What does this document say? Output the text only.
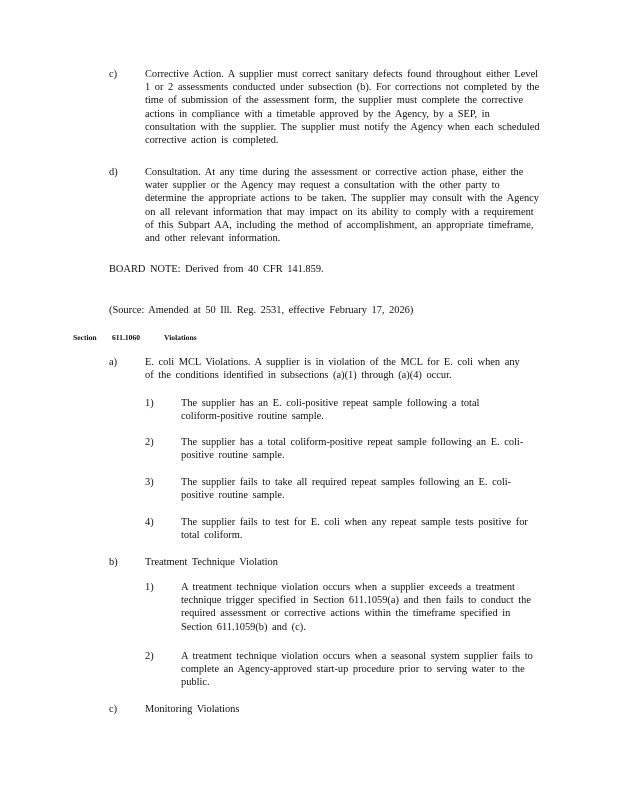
c)	Corrective Action. A supplier must correct sanitary defects found throughout either Level 1 or 2 assessments conducted under subsection (b). For corrections not completed by the time of submission of the assessment form, the supplier must complete the corrective actions in compliance with a timetable approved by the Agency, by a SEP, in consultation with the supplier. The supplier must notify the Agency when each scheduled corrective action is completed.
d)	Consultation. At any time during the assessment or corrective action phase, either the water supplier or the Agency may request a consultation with the other party to determine the appropriate actions to be taken. The supplier may consult with the Agency on all relevant information that may impact on its ability to comply with a requirement of this Subpart AA, including the method of accomplishment, an appropriate timeframe, and other relevant information.
BOARD NOTE: Derived from 40 CFR 141.859.
(Source: Amended at 50 Ill. Reg. 2531, effective February 17, 2026)
Section 611.1060	Violations
a)	E. coli MCL Violations. A supplier is in violation of the MCL for E. coli when any of the conditions identified in subsections (a)(1) through (a)(4) occur.
1)	The supplier has an E. coli-positive repeat sample following a total coliform-positive routine sample.
2)	The supplier has a total coliform-positive repeat sample following an E. coli-positive routine sample.
3)	The supplier fails to take all required repeat samples following an E. coli-positive routine sample.
4)	The supplier fails to test for E. coli when any repeat sample tests positive for total coliform.
b)	Treatment Technique Violation
1)	A treatment technique violation occurs when a supplier exceeds a treatment technique trigger specified in Section 611.1059(a) and then fails to conduct the required assessment or corrective actions within the timeframe specified in Section 611.1059(b) and (c).
2)	A treatment technique violation occurs when a seasonal system supplier fails to complete an Agency-approved start-up procedure prior to serving water to the public.
c)	Monitoring Violations
